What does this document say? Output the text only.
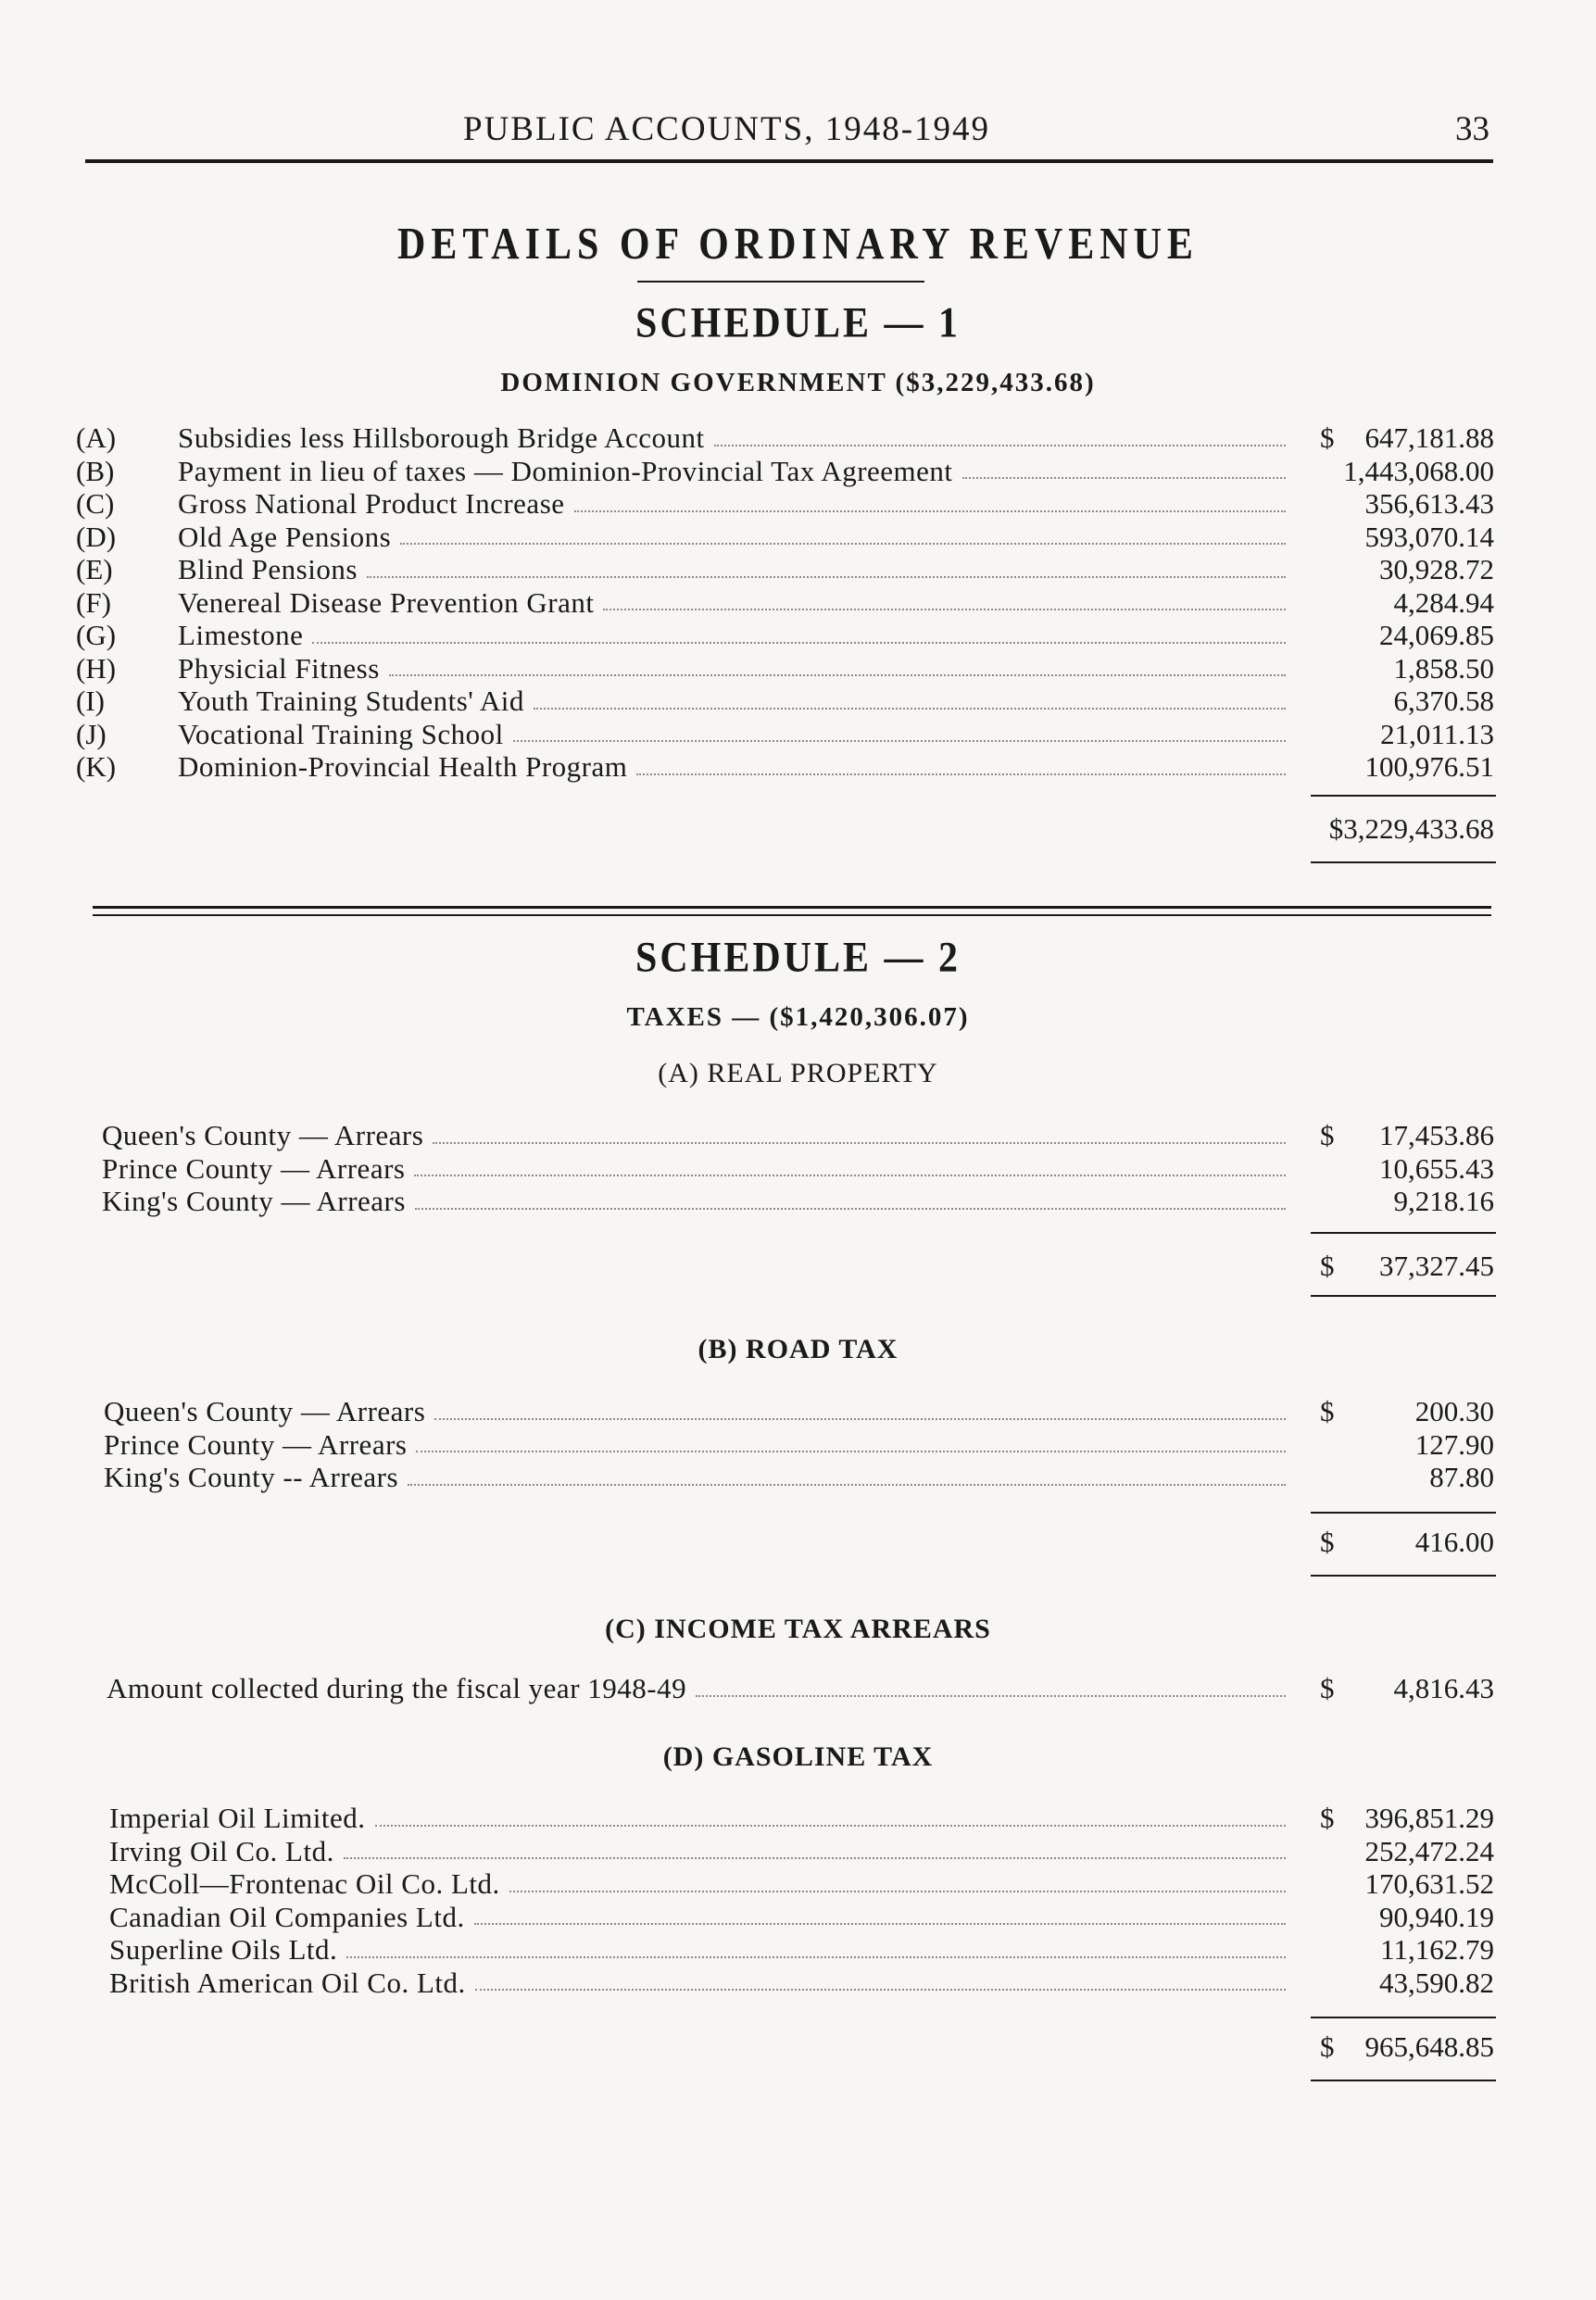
PUBLIC ACCOUNTS, 1948-1949	33
DETAILS OF ORDINARY REVENUE
SCHEDULE — 1
DOMINION GOVERNMENT ($3,229,433.68)
(A)	Subsidies less Hillsborough Bridge Account	$ 647,181.88
(B)	Payment in lieu of taxes — Dominion-Provincial Tax Agreement	1,443,068.00
(C)	Gross National Product Increase	356,613.43
(D)	Old Age Pensions	593,070.14
(E)	Blind Pensions	30,928.72
(F)	Venereal Disease Prevention Grant	4,284.94
(G)	Limestone	24,069.85
(H)	Physicial Fitness	1,858.50
(I)	Youth Training Students' Aid	6,370.58
(J)	Vocational Training School	21,011.13
(K)	Dominion-Provincial Health Program	100,976.51
$3,229,433.68
SCHEDULE — 2
TAXES — ($1,420,306.07)
(A) REAL PROPERTY
Queen's County — Arrears	$ 17,453.86
Prince County — Arrears	10,655.43
King's County — Arrears	9,218.16
$ 37,327.45
(B) ROAD TAX
Queen's County — Arrears	$	200.30
Prince County — Arrears	127.90
King's County -- Arrears	87.80
$	416.00
(C) INCOME TAX ARREARS
Amount collected during the fiscal year 1948-49	$ 4,816.43
(D) GASOLINE TAX
Imperial Oil Limited.	$ 396,851.29
Irving Oil Co. Ltd.	252,472.24
McColl—Frontenac Oil Co. Ltd.	170,631.52
Canadian Oil Companies Ltd.	90,940.19
Superline Oils Ltd.	11,162.79
British American Oil Co. Ltd.	43,590.82
$ 965,648.85
